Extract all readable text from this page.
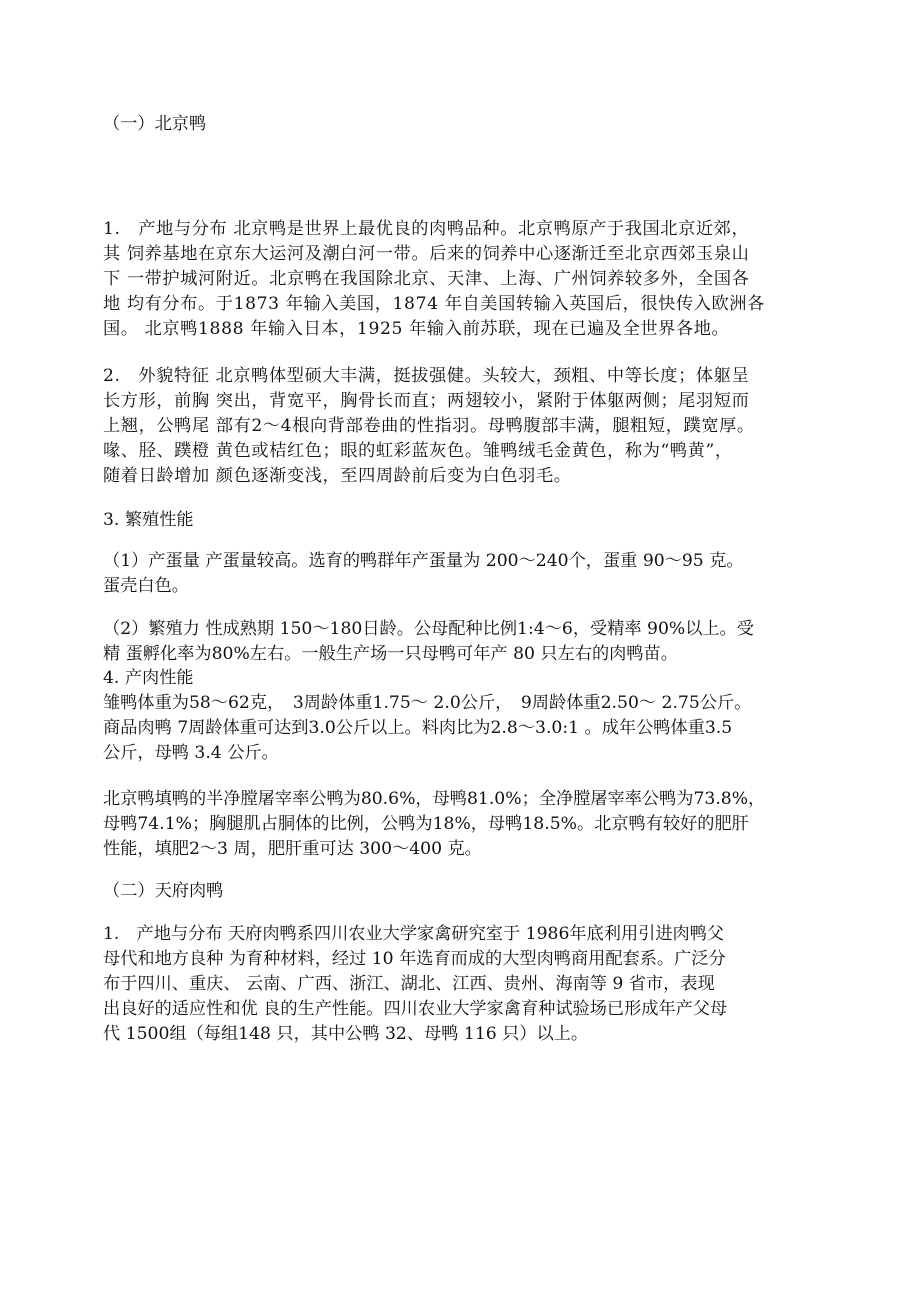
（一）北京鸭
1.　产地与分布 北京鸭是世界上最优良的肉鸭品种。北京鸭原产于我国北京近郊，
其 饲养基地在京东大运河及潮白河一带。后来的饲养中心逐渐迁至北京西郊玉泉山
下 一带护城河附近。北京鸭在我国除北京、天津、上海、广州饲养较多外，全国各
地 均有分布。于1873 年输入美国，1874 年自美国转输入英国后，很快传入欧洲各
国。 北京鸭1888 年输入日本，1925 年输入前苏联，现在已遍及全世界各地。
2.　外貌特征 北京鸭体型硕大丰满，挺拔强健。头较大，颈粗、中等长度；体躯呈
长方形，前胸 突出，背宽平，胸骨长而直；两翅较小，紧附于体躯两侧；尾羽短而
上翘，公鸭尾 部有2～4根向背部卷曲的性指羽。母鸭腹部丰满，腿粗短，蹼宽厚。
喙、胫、蹼橙 黄色或桔红色；眼的虹彩蓝灰色。雏鸭绒毛金黄色，称为“鸭黄”，
随着日龄增加 颜色逐渐变浅，至四周龄前后变为白色羽毛。
3. 繁殖性能
（1）产蛋量 产蛋量较高。选育的鸭群年产蛋量为 200～240个，蛋重 90～95 克。
蛋壳白色。
（2）繁殖力 性成熟期 150～180日龄。公母配种比例1:4～6，受精率 90%以上。受
精 蛋孵化率为80%左右。一般生产场一只母鸭可年产 80 只左右的肉鸭苗。
4. 产肉性能
雏鸭体重为58～62克，　3周龄体重1.75～ 2.0公斤，　9周龄体重2.50～ 2.75公斤。
商品肉鸭 7周龄体重可达到3.0公斤以上。料肉比为2.8～3.0:1 。成年公鸭体重3.5
公斤，母鸭 3.4 公斤。
北京鸭填鸭的半净膛屠宰率公鸭为80.6%，母鸭81.0%；全净膛屠宰率公鸭为73.8%，
母鸭74.1%；胸腿肌占胴体的比例，公鸭为18%，母鸭18.5%。北京鸭有较好的肥肝
性能，填肥2～3 周，肥肝重可达 300～400 克。
（二）天府肉鸭
1.　产地与分布 天府肉鸭系四川农业大学家禽研究室于 1986年底利用引进肉鸭父
母代和地方良种 为育种材料，经过 10 年选育而成的大型肉鸭商用配套系。广泛分
布于四川、重庆、 云南、广西、浙江、湖北、江西、贵州、海南等 9 省市，表现
出良好的适应性和优 良的生产性能。四川农业大学家禽育种试验场已形成年产父母
代 1500组（每组148 只，其中公鸭 32、母鸭 116 只）以上。
